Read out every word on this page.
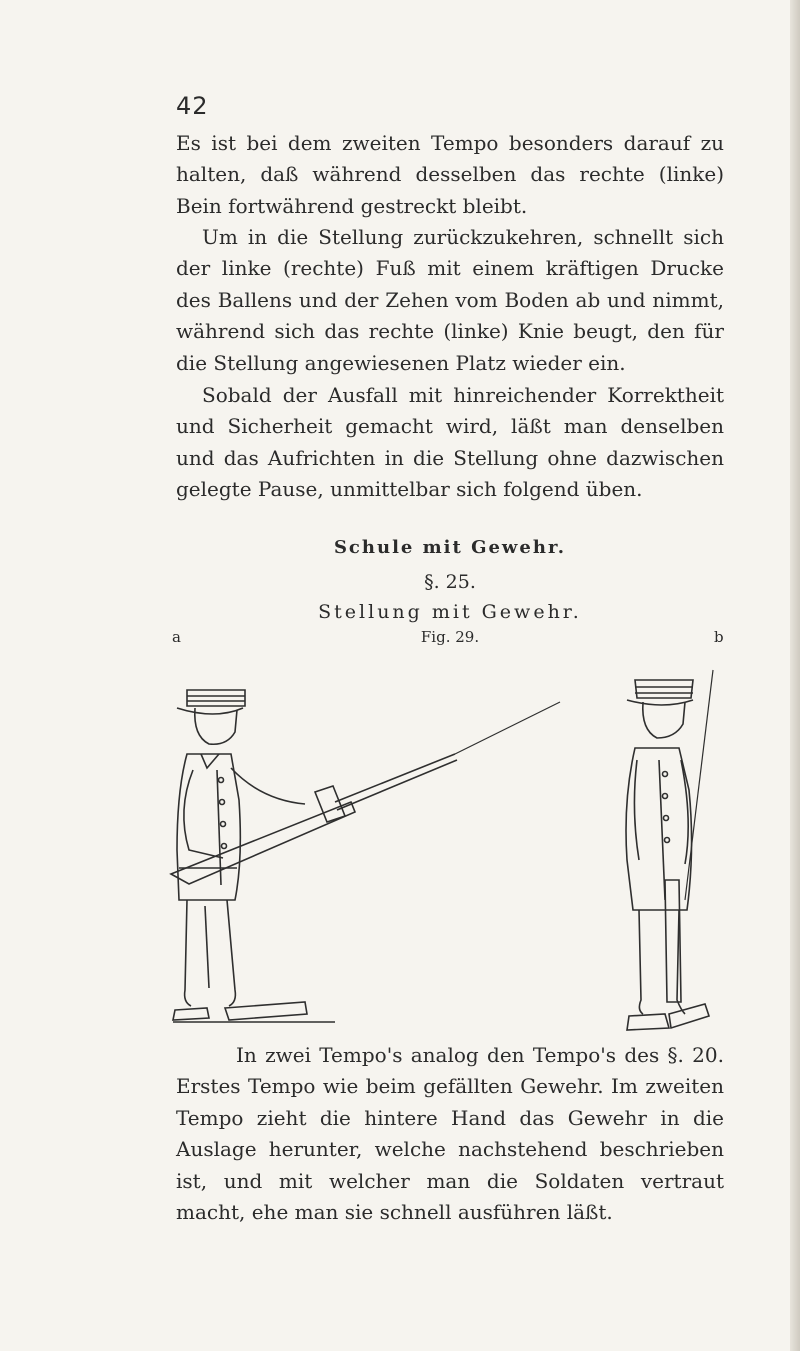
42

Es ist bei dem zweiten Tempo besonders darauf zu halten, daß während desselben das rechte (linke) Bein fortwährend gestreckt bleibt.

Um in die Stellung zurückzukehren, schnellt sich der linke (rechte) Fuß mit einem kräftigen Drucke des Ballens und der Zehen vom Boden ab und nimmt, während sich das rechte (linke) Knie beugt, den für die Stellung angewiesenen Platz wieder ein.

Sobald der Ausfall mit hinreichender Korrektheit und Sicherheit gemacht wird, läßt man denselben und das Aufrichten in die Stellung ohne dazwischen gelegte Pause, unmittelbar sich folgend üben.

Schule mit Gewehr.
§. 25.
Stellung mit Gewehr.
a	Fig. 29.	b

In zwei Tempo's analog den Tempo's des §. 20. Erstes Tempo wie beim gefällten Gewehr. Im zweiten Tempo zieht die hintere Hand das Gewehr in die Auslage herunter, welche nachstehend beschrieben ist, und mit welcher man die Soldaten vertraut macht, ehe man sie schnell ausführen läßt.
